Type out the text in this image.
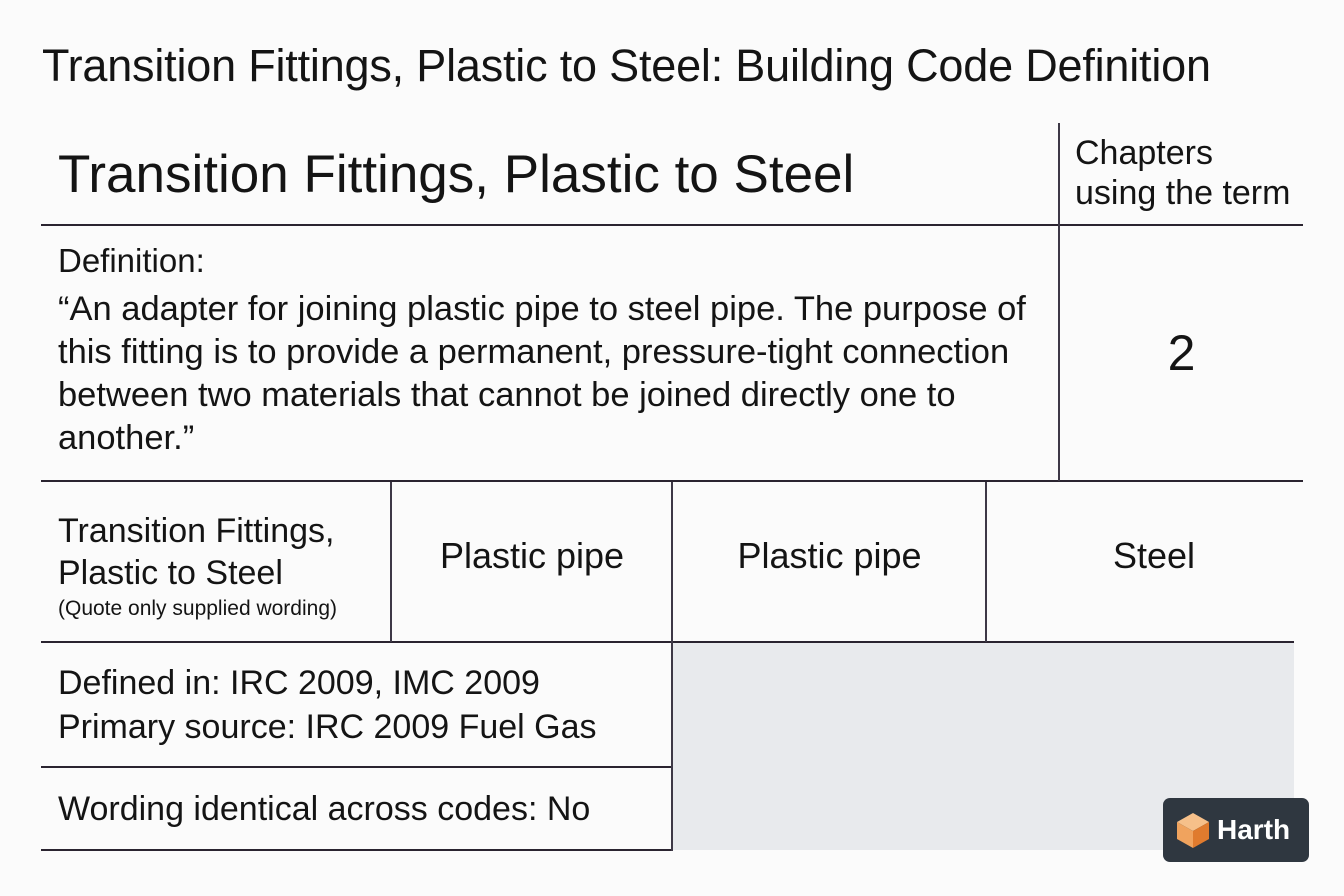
Transition Fittings, Plastic to Steel: Building Code Definition
Transition Fittings, Plastic to Steel	Chapters using the term
Definition:
“An adapter for joining plastic pipe to steel pipe. The purpose of this fitting is to provide a permanent, pressure-tight connection between two materials that cannot be joined directly one to another.”
2
Transition Fittings, Plastic to Steel
(Quote only supplied wording)
Plastic pipe	Plastic pipe	Steel
Defined in: IRC 2009, IMC 2009
Primary source: IRC 2009 Fuel Gas
Wording identical across codes: No
Harth
